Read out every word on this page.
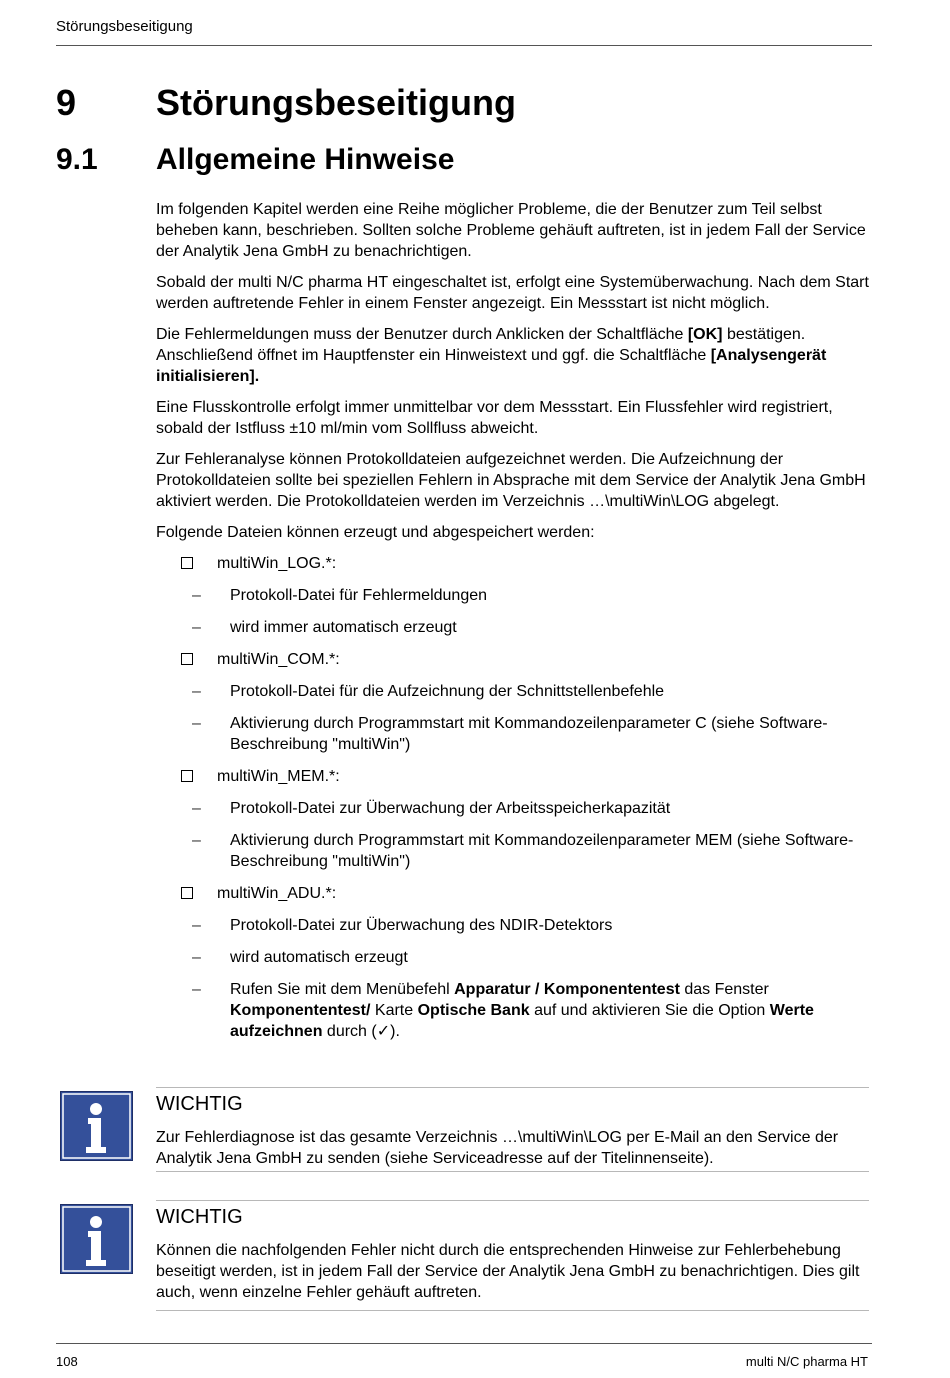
Störungsbeseitigung
9 Störungsbeseitigung
9.1 Allgemeine Hinweise

Im folgenden Kapitel werden eine Reihe möglicher Probleme, die der Benutzer zum Teil selbst beheben kann, beschrieben. Sollten solche Probleme gehäuft auftreten, ist in jedem Fall der Service der Analytik Jena GmbH zu benachrichtigen.

Sobald der multi N/C pharma HT eingeschaltet ist, erfolgt eine Systemüberwachung. Nach dem Start werden auftretende Fehler in einem Fenster angezeigt. Ein Messstart ist nicht möglich.

Die Fehlermeldungen muss der Benutzer durch Anklicken der Schaltfläche [OK] bestätigen. Anschließend öffnet im Hauptfenster ein Hinweistext und ggf. die Schaltfläche [Analysengerät initialisieren].

Eine Flusskontrolle erfolgt immer unmittelbar vor dem Messstart. Ein Flussfehler wird registriert, sobald der Istfluss ±10 ml/min vom Sollfluss abweicht.

Zur Fehleranalyse können Protokolldateien aufgezeichnet werden. Die Aufzeichnung der Protokolldateien sollte bei speziellen Fehlern in Absprache mit dem Service der Analytik Jena GmbH aktiviert werden. Die Protokolldateien werden im Verzeichnis …\multiWin\LOG abgelegt.

Folgende Dateien können erzeugt und abgespeichert werden:

multiWin_LOG.*:
–	Protokoll-Datei für Fehlermeldungen
–	wird immer automatisch erzeugt
multiWin_COM.*:
–	Protokoll-Datei für die Aufzeichnung der Schnittstellenbefehle
–	Aktivierung durch Programmstart mit Kommandozeilenparameter C (siehe Software-Beschreibung "multiWin")
multiWin_MEM.*:
–	Protokoll-Datei zur Überwachung der Arbeitsspeicherkapazität
–	Aktivierung durch Programmstart mit Kommandozeilenparameter MEM (siehe Software-Beschreibung "multiWin")
multiWin_ADU.*:
–	Protokoll-Datei zur Überwachung des NDIR-Detektors
–	wird automatisch erzeugt
–	Rufen Sie mit dem Menübefehl Apparatur / Komponententest das Fenster Komponententest/ Karte Optische Bank auf und aktivieren Sie die Option Werte aufzeichnen durch (✓).
WICHTIG
Zur Fehlerdiagnose ist das gesamte Verzeichnis …\multiWin\LOG per E-Mail an den Service der Analytik Jena GmbH zu senden (siehe Serviceadresse auf der Titelinnenseite).
WICHTIG
Können die nachfolgenden Fehler nicht durch die entsprechenden Hinweise zur Fehlerbehebung beseitigt werden, ist in jedem Fall der Service der Analytik Jena GmbH zu benachrichtigen. Dies gilt auch, wenn einzelne Fehler gehäuft auftreten.
108	multi N/C pharma HT
